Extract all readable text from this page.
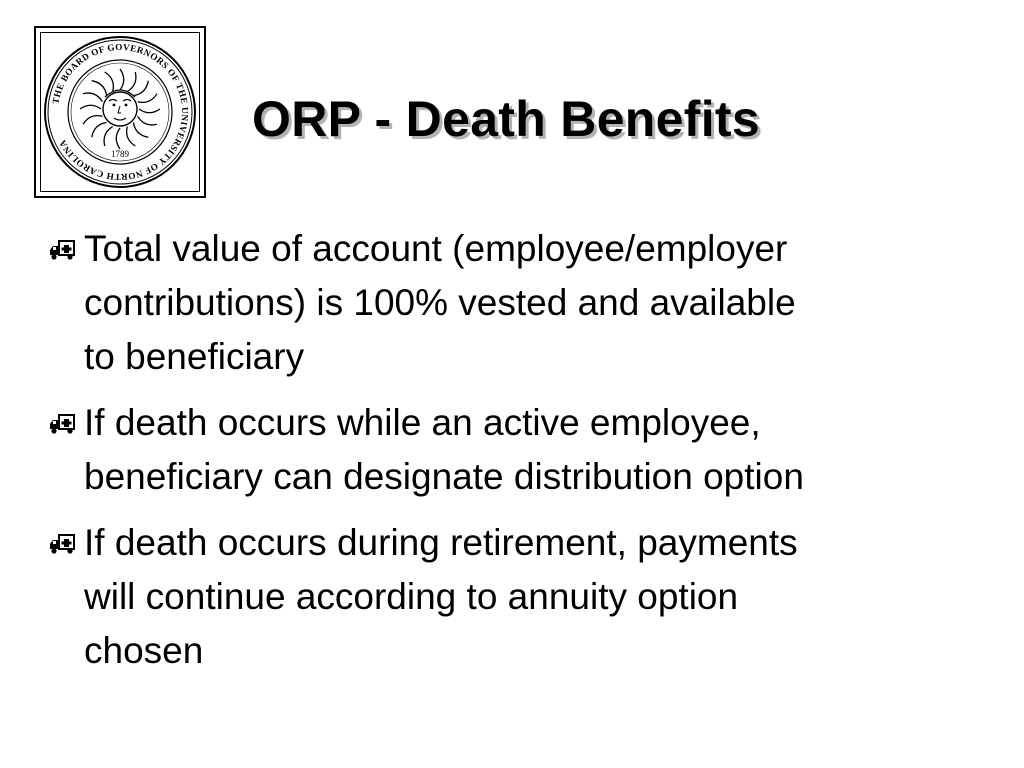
THE BOARD OF GOVERNORS OF THE UNIVERSITY OF NORTH CAROLINA
1789
ORP - Death Benefits
Total value of account (employee/employer
contributions) is 100% vested and available
to beneficiary
If death occurs while an active employee,
beneficiary can designate distribution option
If death occurs during retirement, payments
will continue according to annuity option
chosen
